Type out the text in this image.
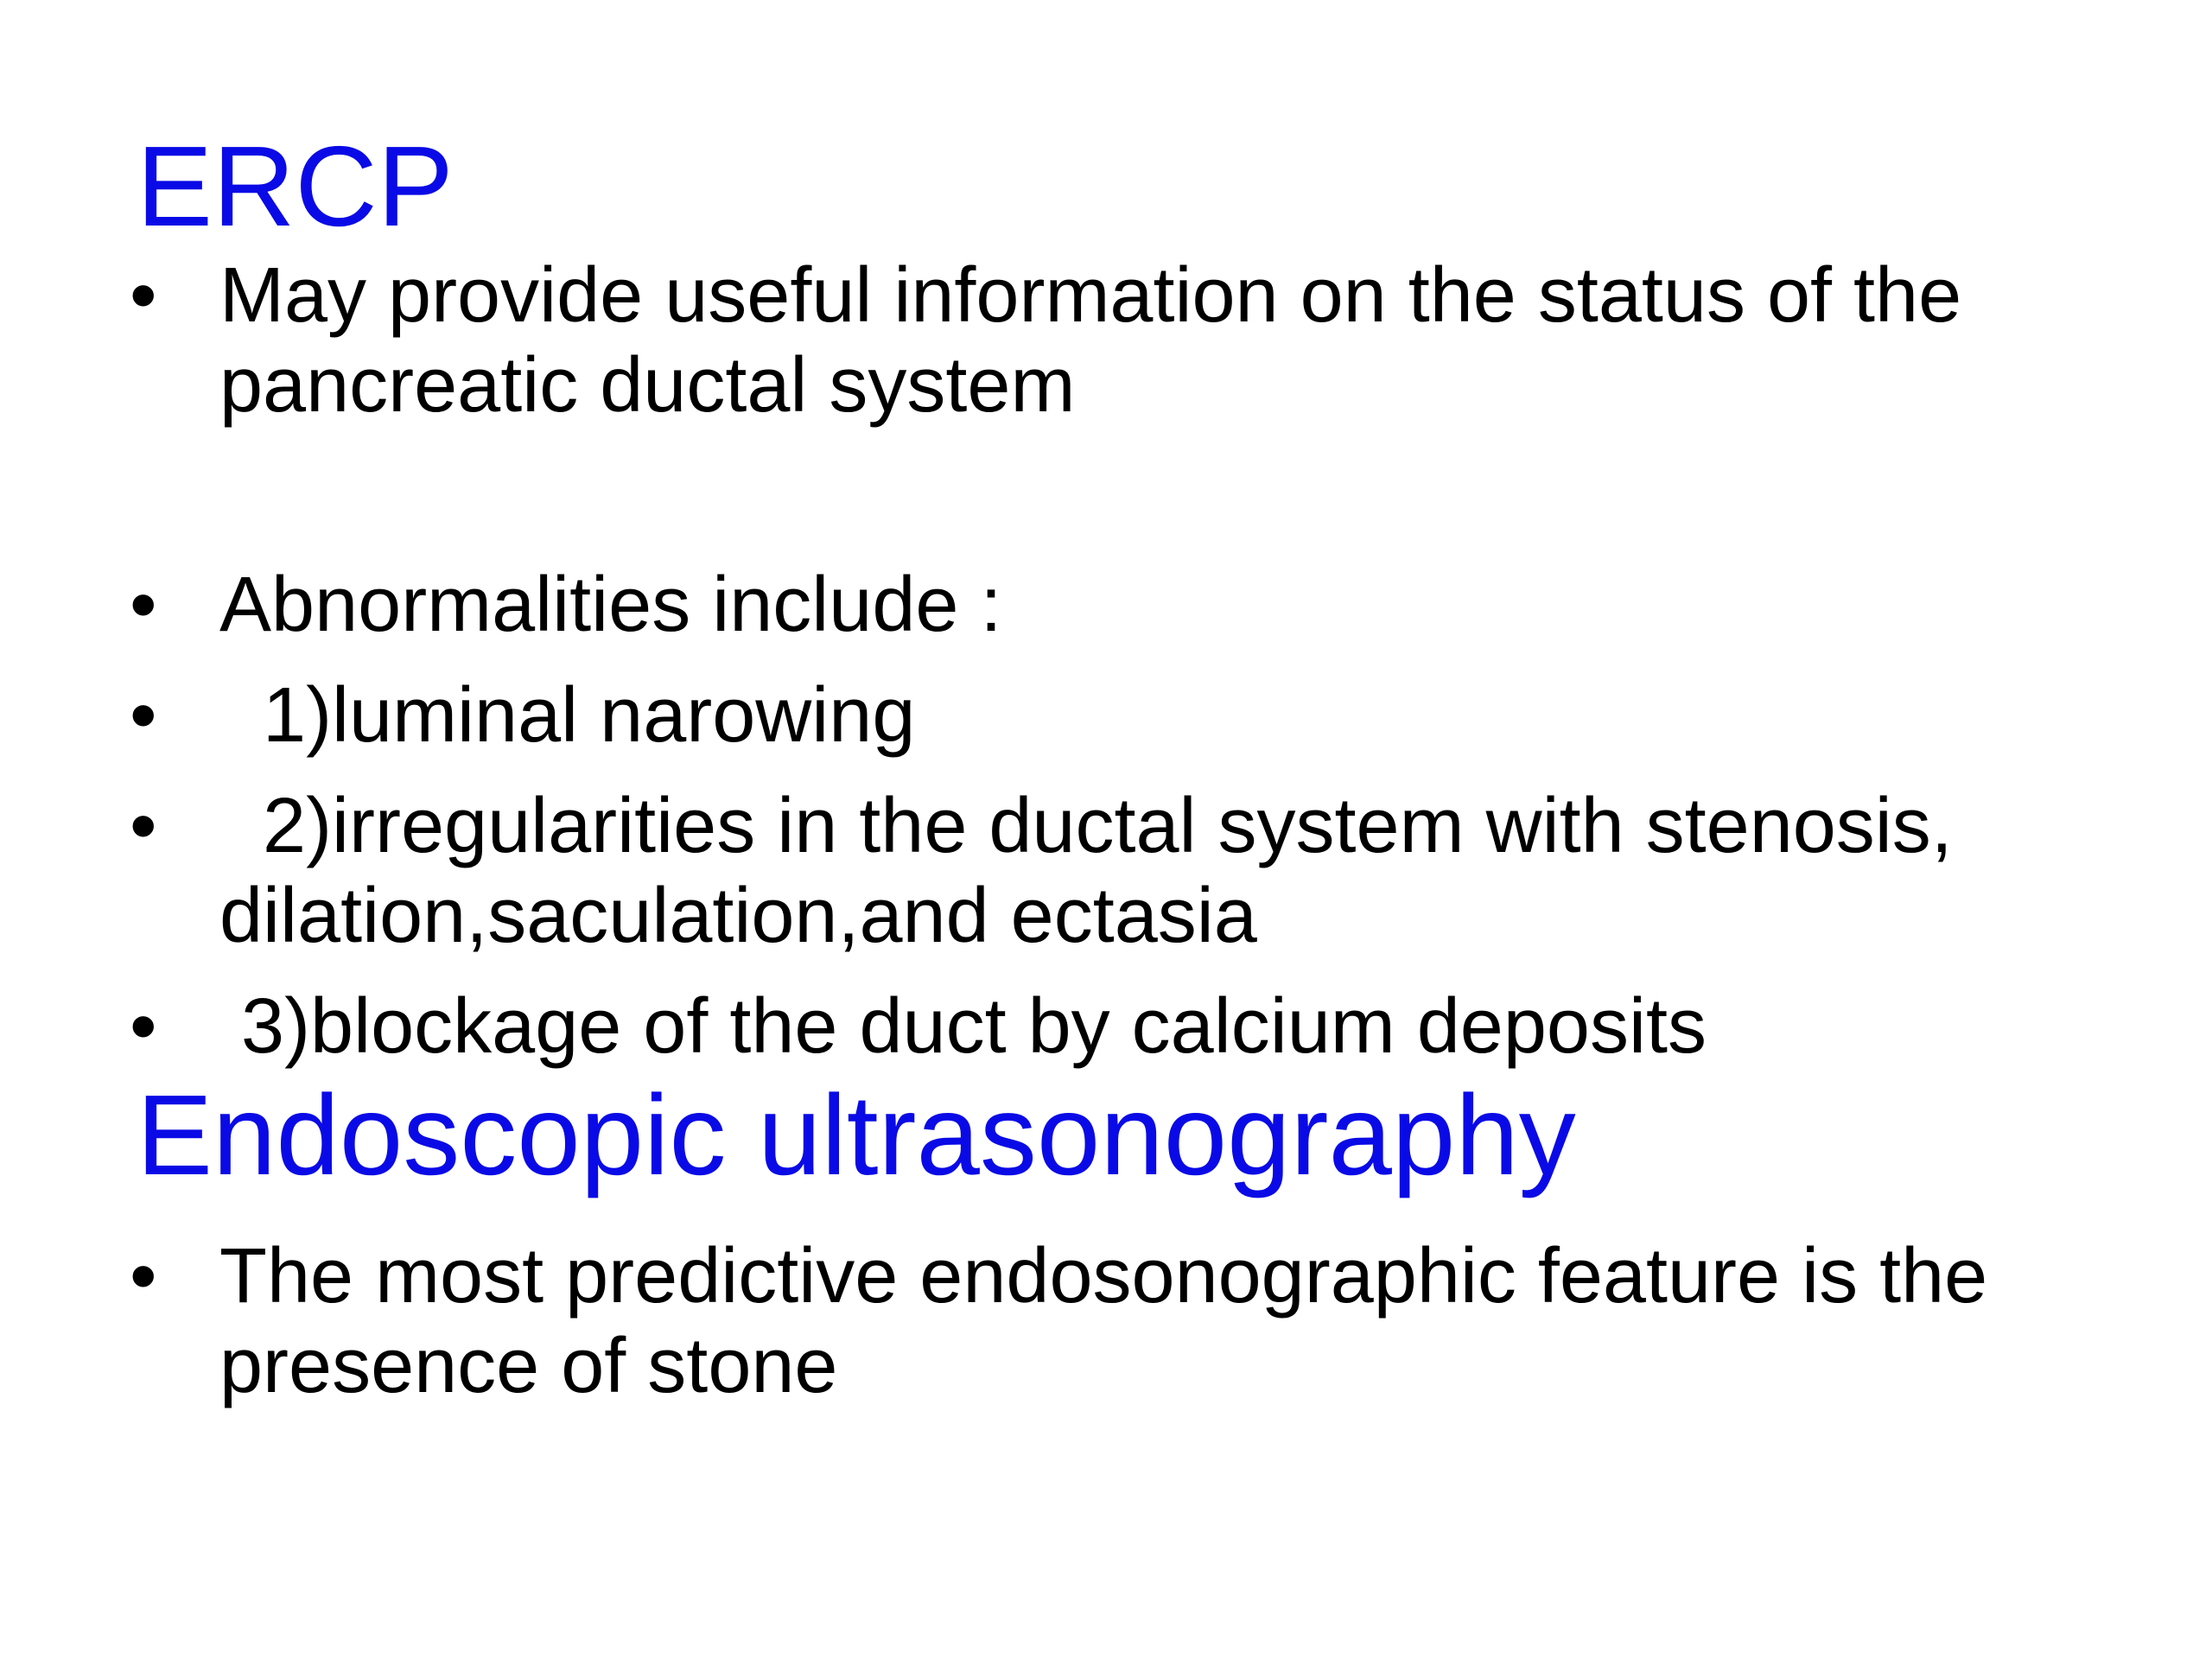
ERCP
• May provide useful information on the status of the pancreatic ductal system
• Abnormalities include :
• 1)luminal narowing
• 2)irregularities in the ductal system with stenosis, dilation,saculation,and ectasia
• 3)blockage of the duct by calcium deposits
Endoscopic ultrasonography
• The most predictive endosonographic feature is the presence of stone
